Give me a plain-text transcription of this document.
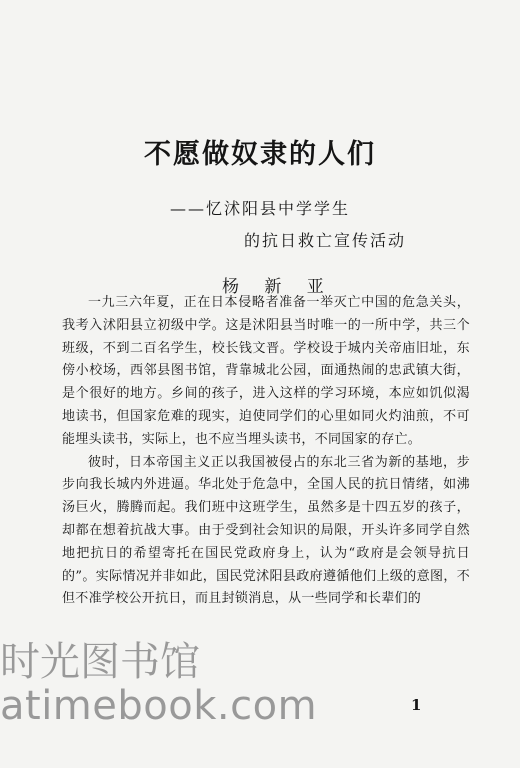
不愿做奴隶的人们
——忆沭阳县中学学生
的抗日救亡宣传活动
杨 新 亚

一九三六年夏，正在日本侵略者准备一举灭亡中国的危急关头，我考入沭阳县立初级中学。这是沭阳县当时唯一的一所中学，共三个班级，不到二百名学生，校长钱文晋。学校设于城内关帝庙旧址，东傍小校场，西邻县图书馆，背靠城北公园，面通热闹的忠武镇大街，是个很好的地方。乡间的孩子，进入这样的学习环境，本应如饥似渴地读书，但国家危难的现实，迫使同学们的心里如同火灼油煎，不可能埋头读书，实际上，也不应当埋头读书，不同国家的存亡。

彼时，日本帝国主义正以我国被侵占的东北三省为新的基地，步步向我长城内外进逼。华北处于危急中，全国人民的抗日情绪，如沸汤巨火，腾腾而起。我们班中这班学生，虽然多是十四五岁的孩子，却都在想着抗战大事。由于受到社会知识的局限，开头许多同学自然地把抗日的希望寄托在国民党政府身上，认为“政府是会领导抗日的”。实际情况并非如此，国民党沭阳县政府遵循他们上级的意图，不但不准学校公开抗日，而且封锁消息，从一些同学和长辈们的

1
时光图书馆
atimebook.com
